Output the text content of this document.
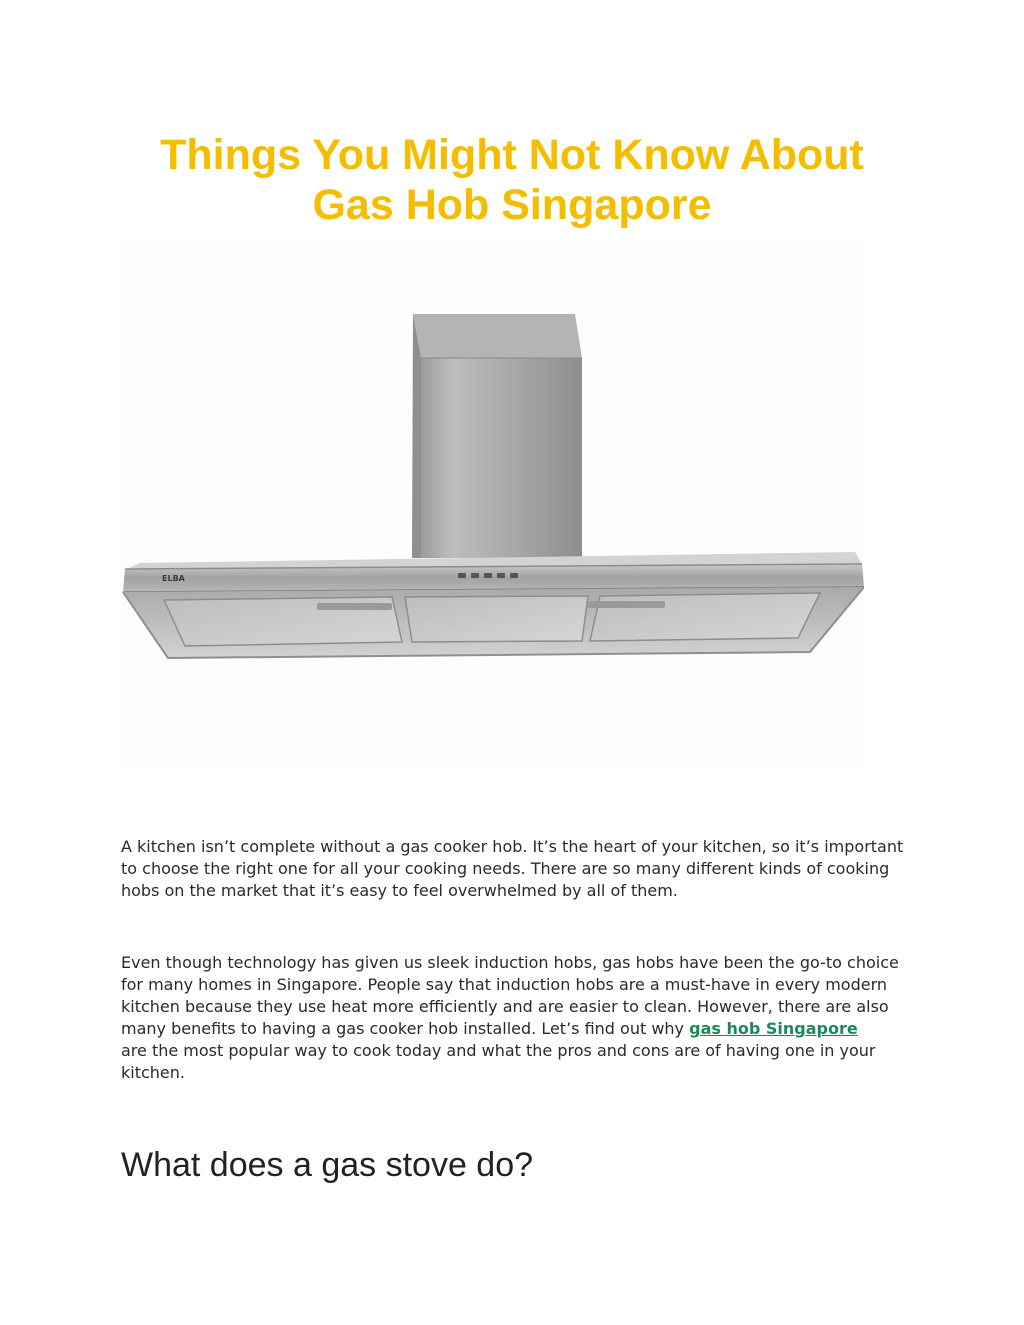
Things You Might Not Know About
Gas Hob Singapore
ELBA

A kitchen isn’t complete without a gas cooker hob. It’s the heart of your kitchen, so it’s important to choose the right one for all your cooking needs. There are so many different kinds of cooking hobs on the market that it’s easy to feel overwhelmed by all of them.

Even though technology has given us sleek induction hobs, gas hobs have been the go-to choice for many homes in Singapore. People say that induction hobs are a must-have in every modern kitchen because they use heat more efficiently and are easier to clean. However, there are also many benefits to having a gas cooker hob installed. Let’s find out why gas hob Singapore
are the most popular way to cook today and what the pros and cons are of having one in your kitchen.

What does a gas stove do?
